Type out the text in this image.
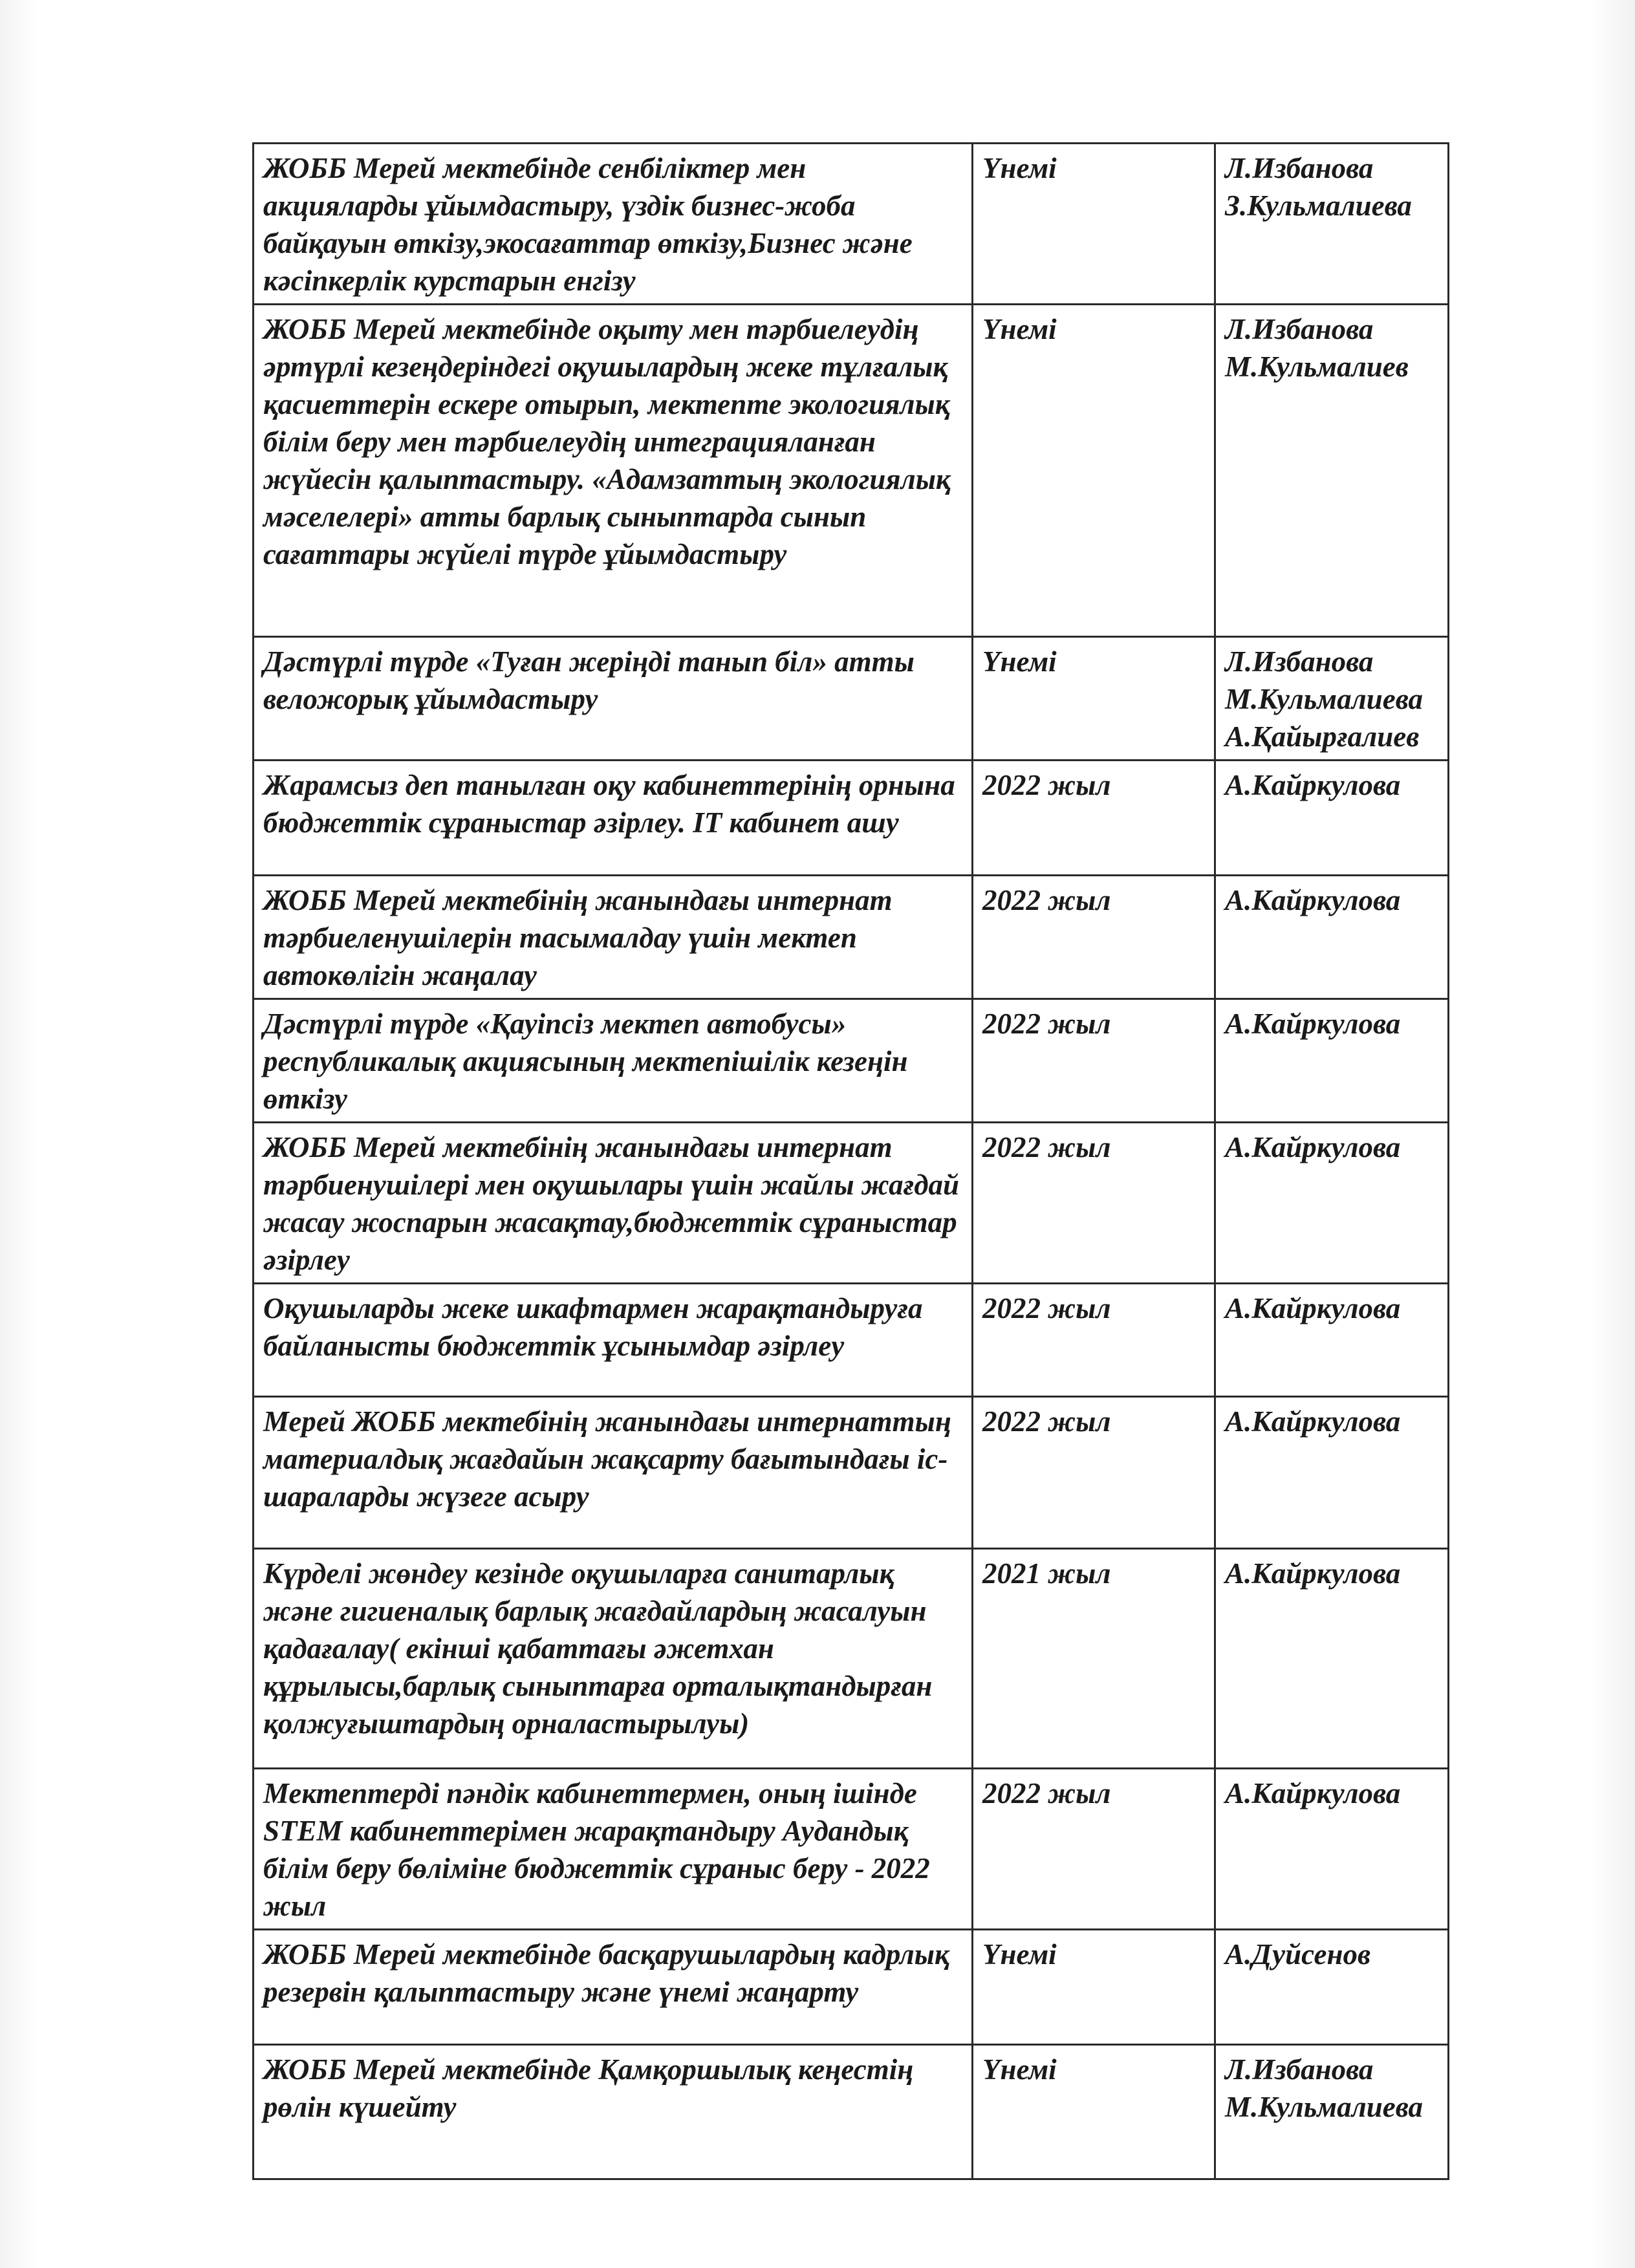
ЖОББ Мерей мектебінде сенбіліктер мен акцияларды ұйымдастыру, үздік бизнес-жоба байқауын өткізу,экосағаттар өткізу,Бизнес және кәсіпкерлік курстарын енгізу	Үнемі	Л.Избанова
З.Кульмалиева

ЖОББ Мерей мектебінде оқыту мен тәрбиелеудің әртүрлі кезеңдеріндегі оқушылардың жеке тұлғалық қасиеттерін ескере отырып, мектепте экологиялық білім беру мен тәрбиелеудің интеграцияланған жүйесін қалыптастыру. «Адамзаттың экологиялық мәселелері» атты барлық сыныптарда сынып сағаттары жүйелі түрде ұйымдастыру	Үнемі	Л.Избанова
М.Кульмалиев

Дәстүрлі түрде «Туған жеріңді танып біл» атты веложорық ұйымдастыру	Үнемі	Л.Избанова
М.Кульмалиева
А.Қайырғалиев

Жарамсыз деп танылған оқу кабинеттерінің орнына бюджеттік сұраныстар әзірлеу. IT кабинет ашу	2022 жыл	А.Кайркулова

ЖОББ Мерей мектебінің жанындағы интернат тәрбиеленушілерін тасымалдау үшін мектеп автокөлігін жаңалау	2022 жыл	А.Кайркулова

Дәстүрлі түрде «Қауіпсіз мектеп автобусы» республикалық акциясының мектепішілік кезеңін өткізу	2022 жыл	А.Кайркулова

ЖОББ Мерей мектебінің жанындағы интернат тәрбиенушілері мен оқушылары үшін жайлы жағдай жасау жоспарын жасақтау,бюджеттік сұраныстар әзірлеу	2022 жыл	А.Кайркулова

Оқушыларды жеке шкафтармен жарақтандыруға байланысты бюджеттік ұсынымдар әзірлеу	2022 жыл	А.Кайркулова

Мерей ЖОББ мектебінің жанындағы интернаттың материалдық жағдайын жақсарту бағытындағы іс- шараларды жүзеге асыру	2022 жыл	А.Кайркулова

Күрделі жөндеу кезінде оқушыларға санитарлық және гигиеналық барлық жағдайлардың жасалуын қадағалау( екінші қабаттағы әжетхан құрылысы,барлық сыныптарға орталықтандырған қолжуғыштардың орналастырылуы)	2021 жыл	А.Кайркулова

Мектептерді пәндік кабинеттермен, оның ішінде STEM кабинеттерімен жарақтандыру Аудандық білім беру бөліміне бюджеттік сұраныс беру - 2022 жыл	2022 жыл	А.Кайркулова

ЖОББ Мерей мектебінде басқарушылардың кадрлық резервін қалыптастыру және үнемі жаңарту	Үнемі	А.Дуйсенов

ЖОББ Мерей мектебінде Қамқоршылық кеңестің рөлін күшейту	Үнемі	Л.Избанова
М.Кульмалиева
